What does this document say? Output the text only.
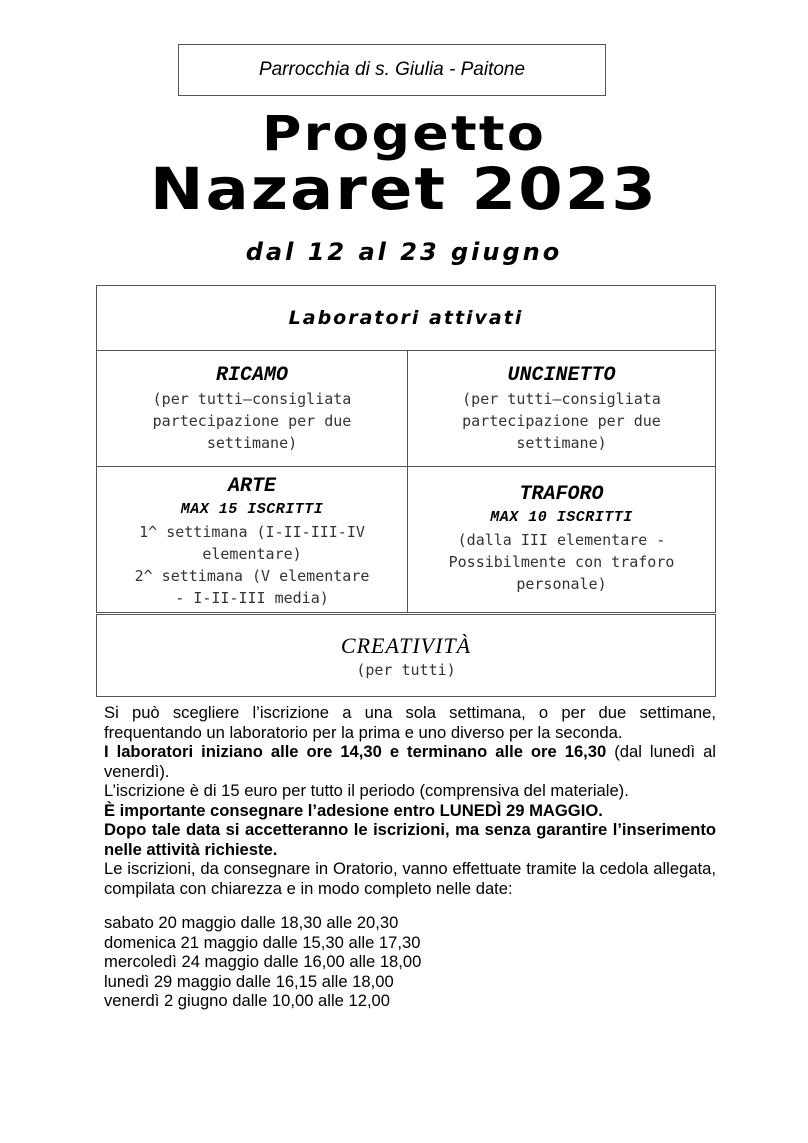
Parrocchia di s. Giulia - Paitone
Progetto
Nazaret 2023
dal 12 al 23 giugno
Laboratori attivati
RICAMO
(per tutti—consigliata
partecipazione per due
settimane)
UNCINETTO
(per tutti—consigliata
partecipazione per due
settimane)
ARTE
MAX 15 ISCRITTI
1^ settimana (I-II-III-IV
elementare)
2^ settimana (V elementare
- I-II-III media)
TRAFORO
MAX 10 ISCRITTI
(dalla III elementare -
Possibilmente con traforo
personale)
CREATIVITÀ
(per tutti)

Si può scegliere l’iscrizione a una sola settimana, o per due settimane, frequentando un laboratorio per la prima e uno diverso per la seconda.

I laboratori iniziano alle ore 14,30 e terminano alle ore 16,30 (dal lunedì al venerdì).

L’iscrizione è di 15 euro per tutto il periodo (comprensiva del materiale).

È importante consegnare l’adesione entro LUNEDÌ 29 MAGGIO.

Dopo tale data si accetteranno le iscrizioni, ma senza garantire l’inserimento nelle attività richieste.

Le iscrizioni, da consegnare in Oratorio, vanno effettuate tramite la cedola allegata, compilata con chiarezza e in modo completo nelle date:

sabato 20 maggio dalle 18,30 alle 20,30
domenica 21 maggio dalle 15,30 alle 17,30
mercoledì 24 maggio dalle 16,00 alle 18,00
lunedì 29 maggio dalle 16,15 alle 18,00
venerdì 2 giugno dalle 10,00 alle 12,00
